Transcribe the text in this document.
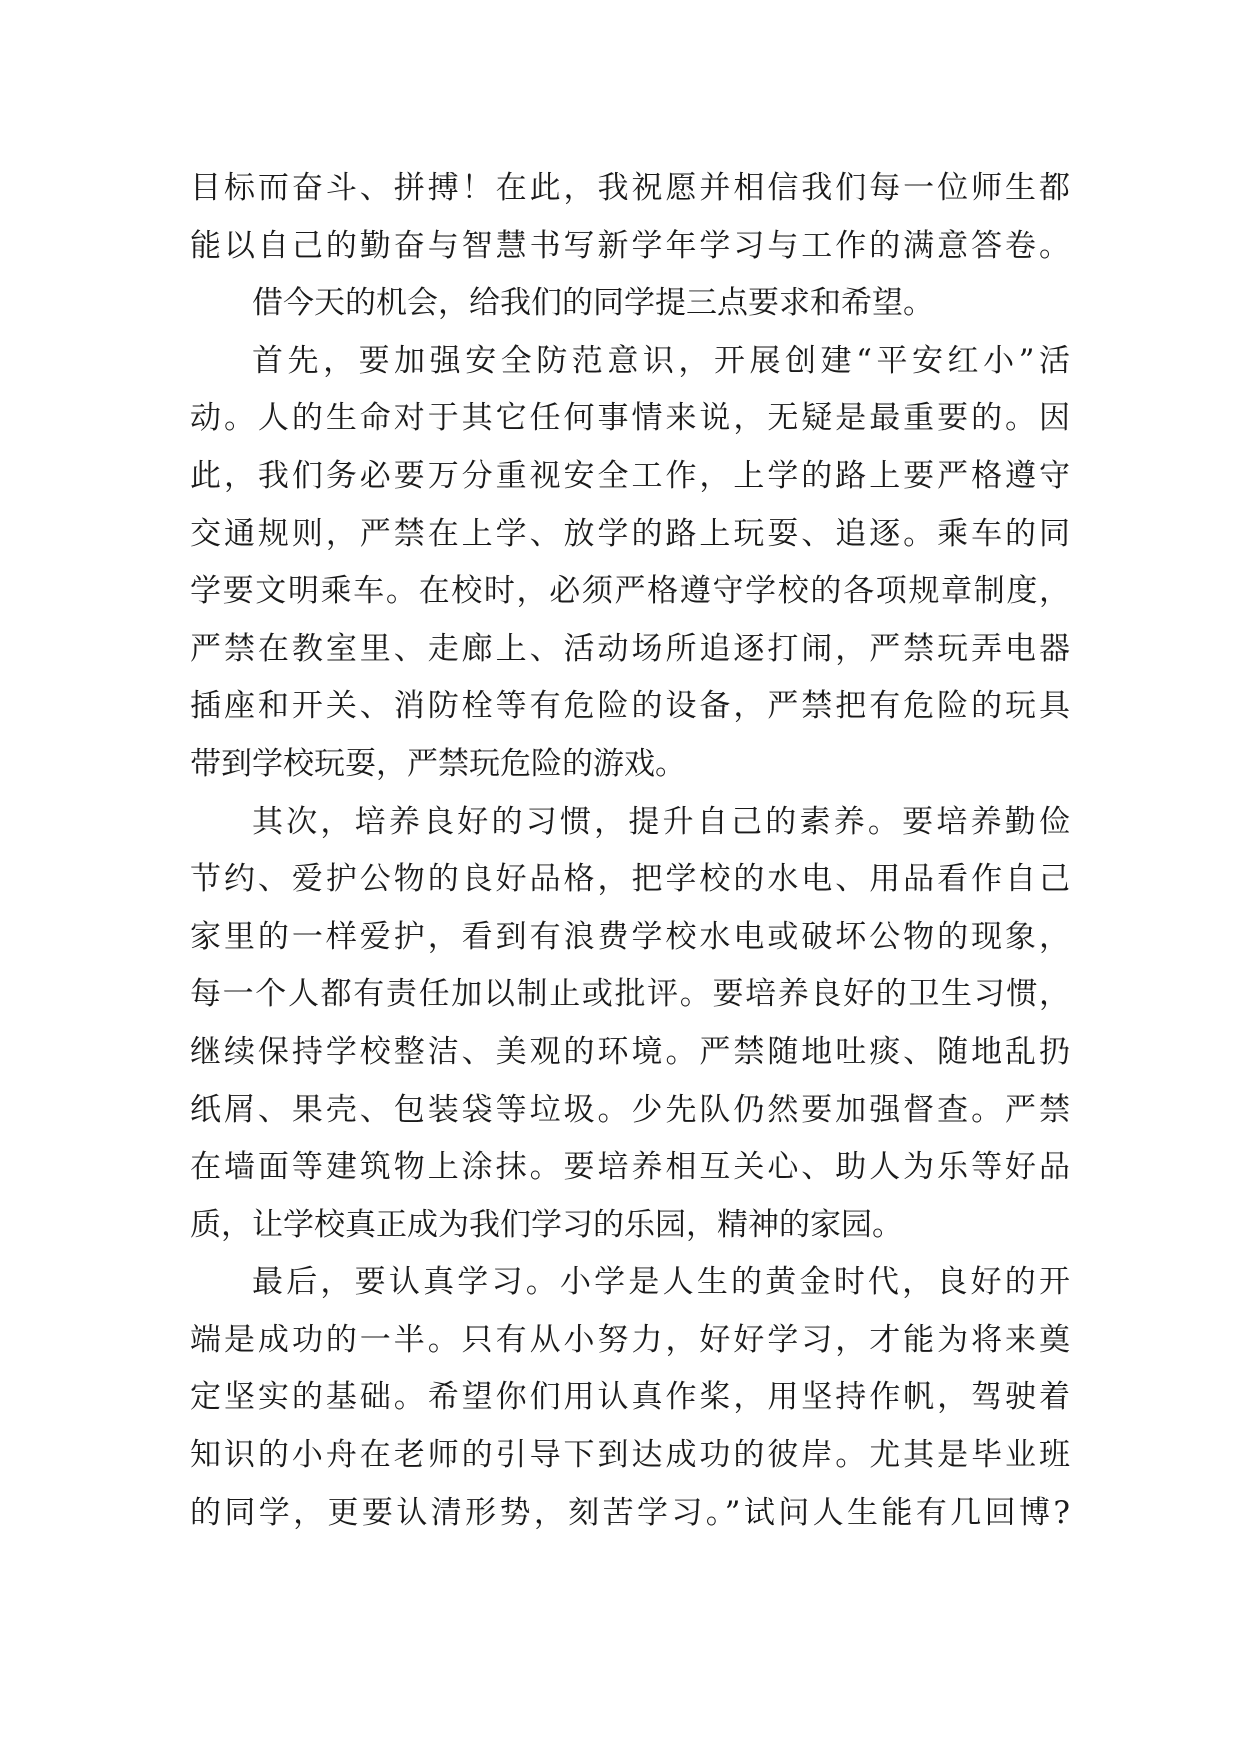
目标而奋斗、拼搏！在此，我祝愿并相信我们每一位师生都
能以自己的勤奋与智慧书写新学年学习与工作的满意答卷。
借今天的机会，给我们的同学提三点要求和希望。
首先，要加强安全防范意识，开展创建“平安红小”活
动。人的生命对于其它任何事情来说，无疑是最重要的。因
此，我们务必要万分重视安全工作，上学的路上要严格遵守
交通规则，严禁在上学、放学的路上玩耍、追逐。乘车的同
学要文明乘车。在校时，必须严格遵守学校的各项规章制度，
严禁在教室里、走廊上、活动场所追逐打闹，严禁玩弄电器
插座和开关、消防栓等有危险的设备，严禁把有危险的玩具
带到学校玩耍，严禁玩危险的游戏。
其次，培养良好的习惯，提升自己的素养。要培养勤俭
节约、爱护公物的良好品格，把学校的水电、用品看作自己
家里的一样爱护，看到有浪费学校水电或破坏公物的现象，
每一个人都有责任加以制止或批评。要培养良好的卫生习惯，
继续保持学校整洁、美观的环境。严禁随地吐痰、随地乱扔
纸屑、果壳、包装袋等垃圾。少先队仍然要加强督查。严禁
在墙面等建筑物上涂抹。要培养相互关心、助人为乐等好品
质，让学校真正成为我们学习的乐园，精神的家园。
最后，要认真学习。小学是人生的黄金时代，良好的开
端是成功的一半。只有从小努力，好好学习，才能为将来奠
定坚实的基础。希望你们用认真作桨，用坚持作帆，驾驶着
知识的小舟在老师的引导下到达成功的彼岸。尤其是毕业班
的同学，更要认清形势，刻苦学习。”试问人生能有几回博?
